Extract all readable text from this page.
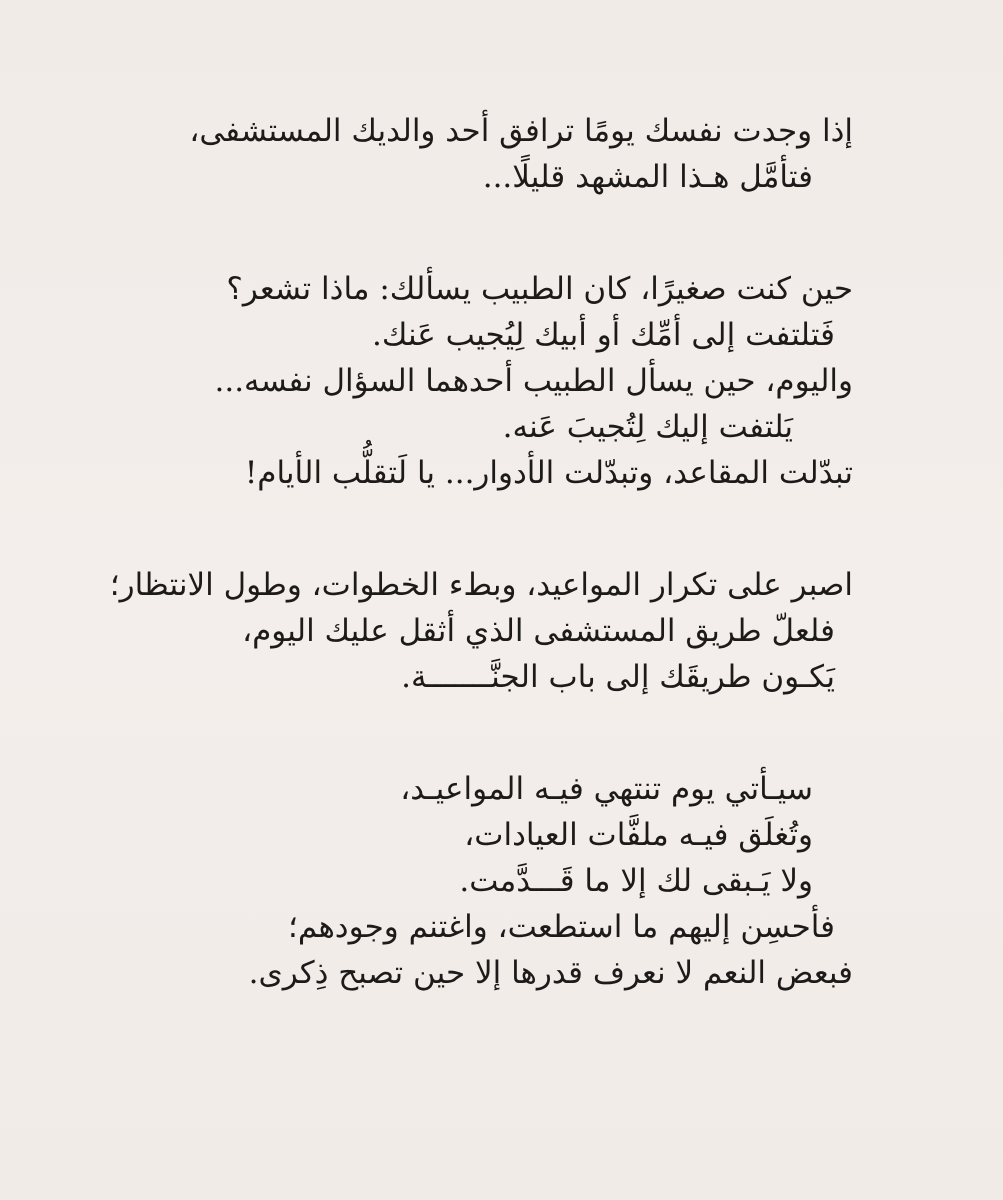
إذا وجدت نفسك يومًا ترافق أحد والديك المستشفى،
فتأمَّل هـذا المشهد قليلًا...
حين كنت صغيرًا، كان الطبيب يسألك: ماذا تشعر؟
فَتلتفت إلى أمِّك أو أبيك لِيُجيب عَنك.
واليوم، حين يسأل الطبيب أحدهما السؤال نفسه...
يَلتفت إليك لِتُجيبَ عَنه.
تبدّلت المقاعد، وتبدّلت الأدوار... يا لَتقلُّب الأيام!
اصبر على تكرار المواعيد، وبطء الخطوات، وطول الانتظار؛
فلعلّ طريق المستشفى الذي أثقل عليك اليوم،
يَكـون طريقَك إلى باب الجنَّـــــــة.
سيـأتي يوم تنتهي فيـه المواعيـد،
وتُغلَق فيـه ملفَّات العيادات،
ولا يَـبقى لك إلا ما قَـــدَّمت.
فأحسِن إليهم ما استطعت، واغتنم وجودهم؛
فبعض النعم لا نعرف قدرها إلا حين تصبح ذِكرى.
